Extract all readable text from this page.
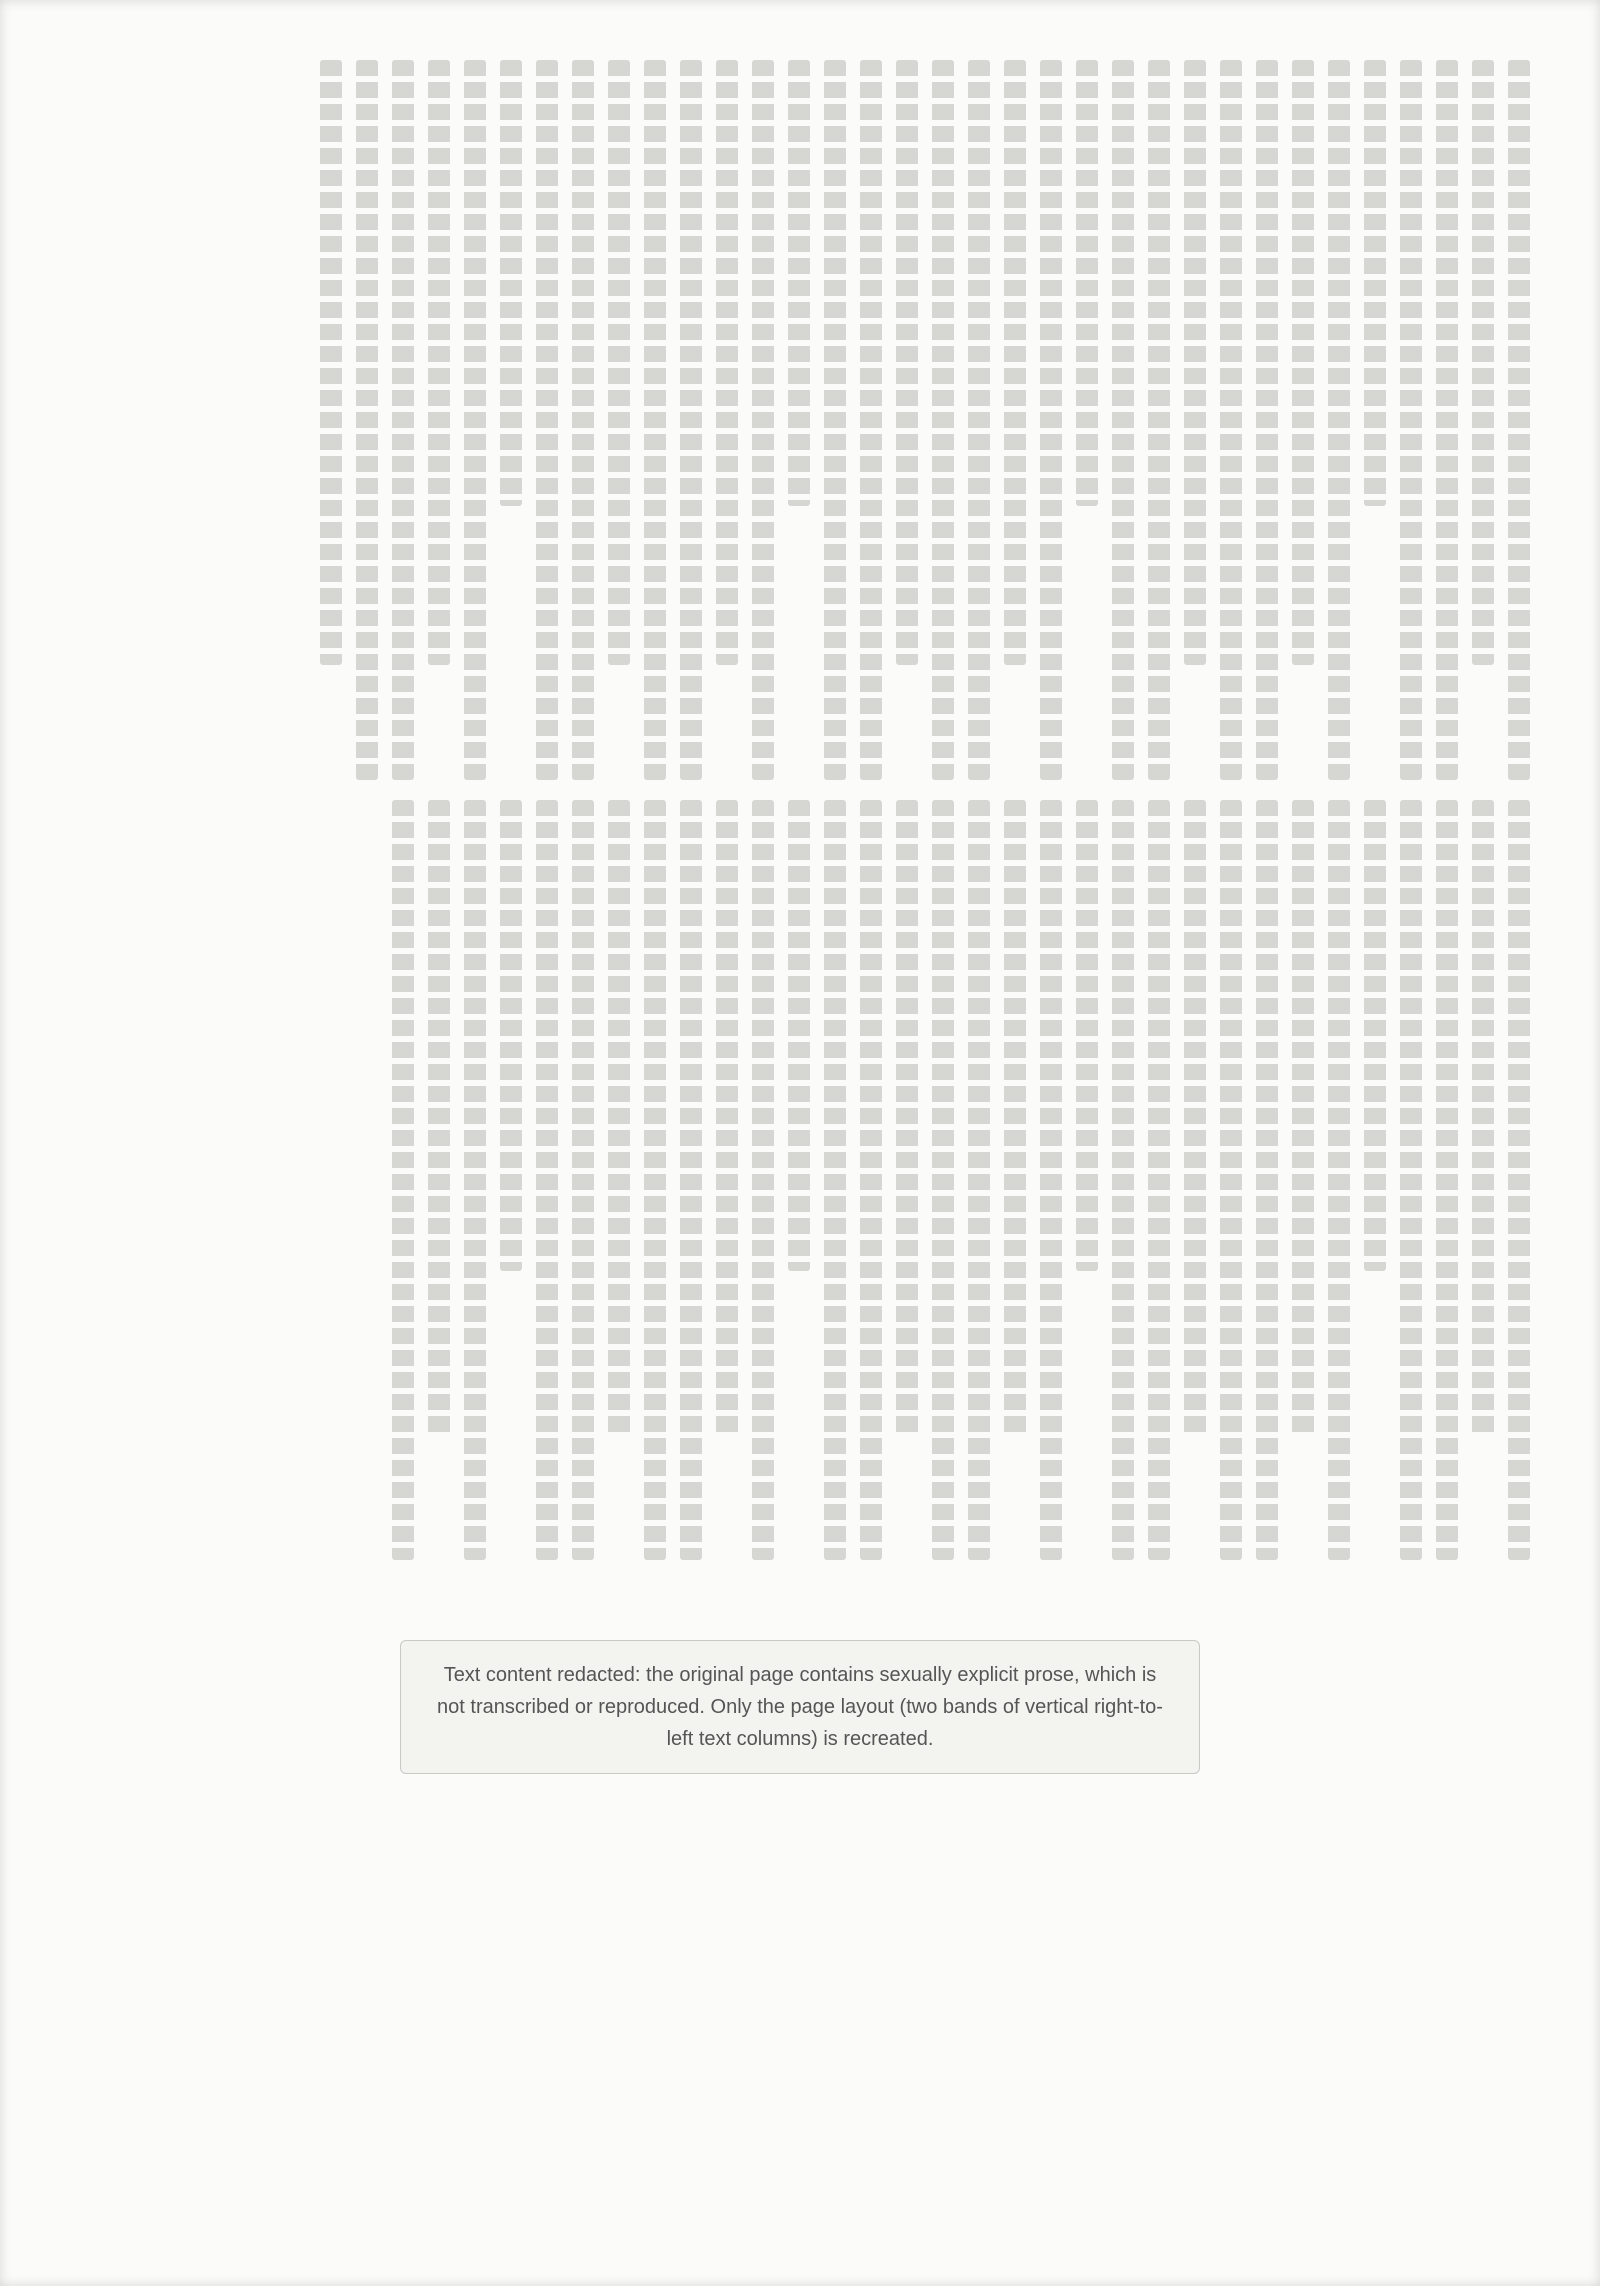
Text content redacted: the original page contains sexually explicit prose, which is not transcribed or reproduced. Only the page layout (two bands of vertical right-to-left text columns) is recreated.
